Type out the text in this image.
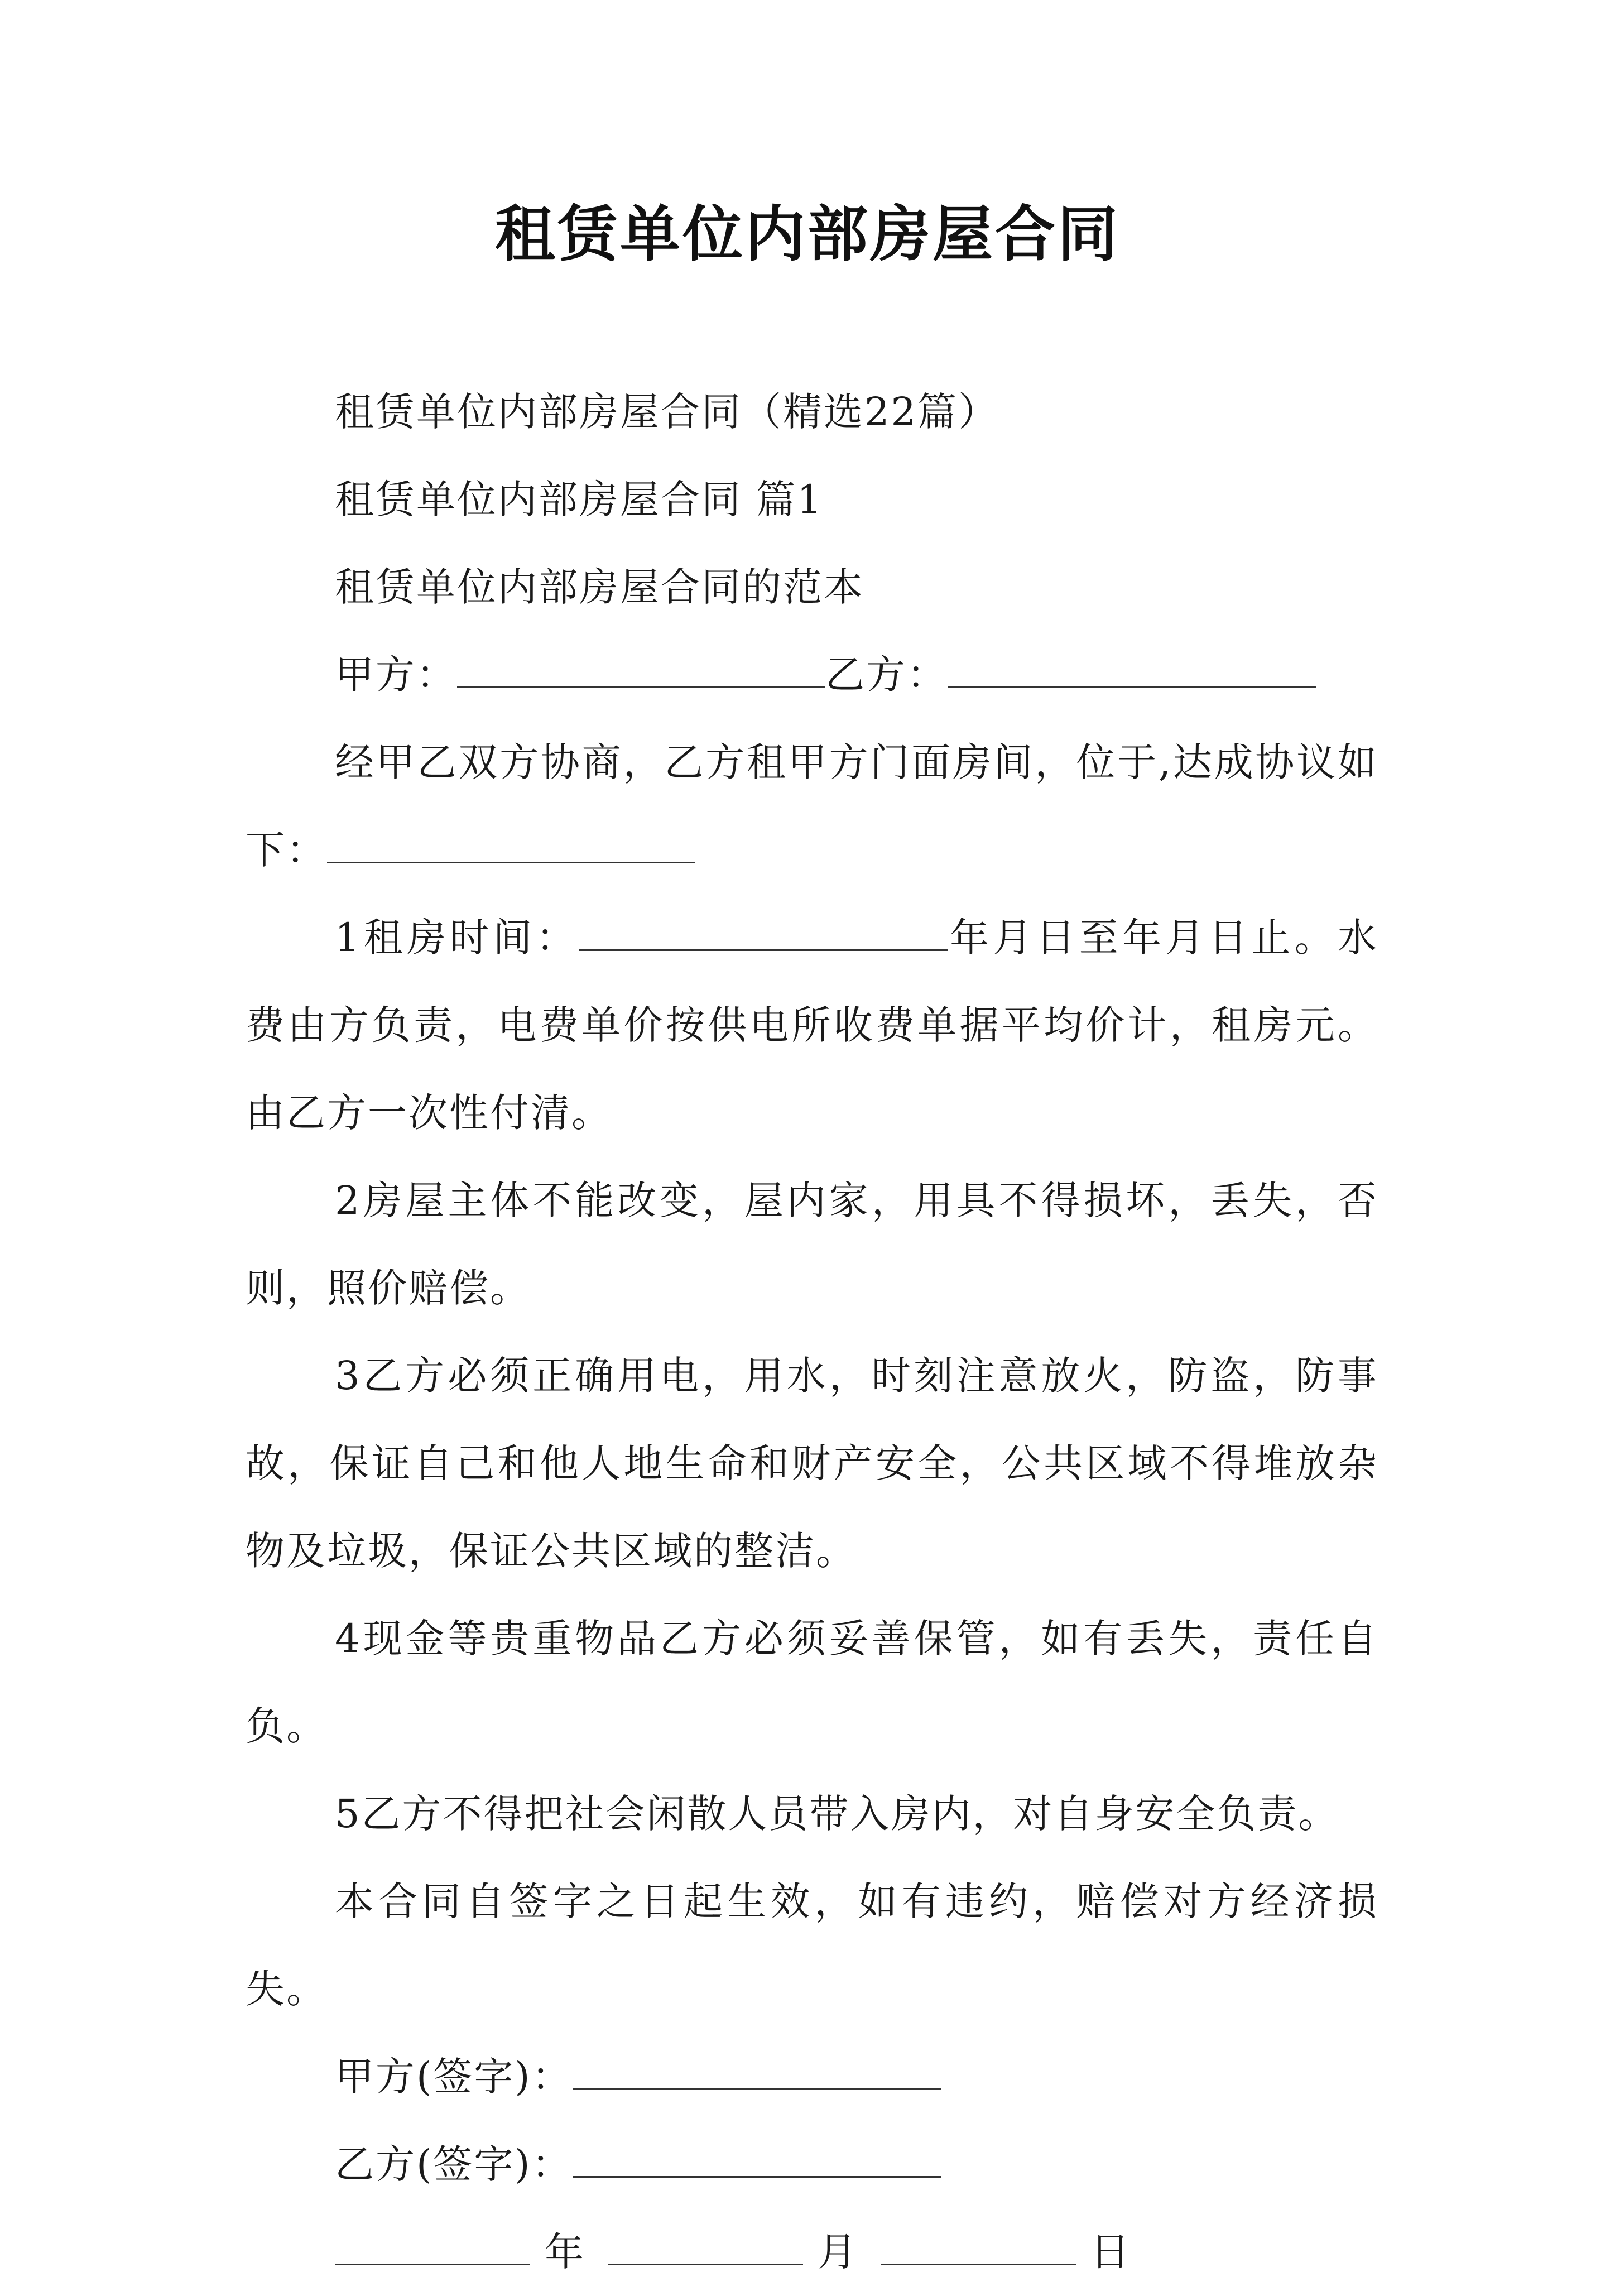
租赁单位内部房屋合同

租赁单位内部房屋合同（精选22篇）

租赁单位内部房屋合同 篇1

租赁单位内部房屋合同的范本

甲方：	乙方：

经甲乙双方协商，乙方租甲方门面房间，位于,达成协议如下：

1租房时间：	年月日至年月日止。水费由方负责，电费单价按供电所收费单据平均价计，租房元。由乙方一次性付清。

2房屋主体不能改变，屋内家，用具不得损坏，丢失，否则，照价赔偿。

3乙方必须正确用电，用水，时刻注意放火，防盗，防事故，保证自己和他人地生命和财产安全，公共区域不得堆放杂物及垃圾，保证公共区域的整洁。

4现金等贵重物品乙方必须妥善保管，如有丢失，责任自负。

5乙方不得把社会闲散人员带入房内，对自身安全负责。

本合同自签字之日起生效，如有违约，赔偿对方经济损失。

甲方(签字)：

乙方(签字)：

年	月	日
